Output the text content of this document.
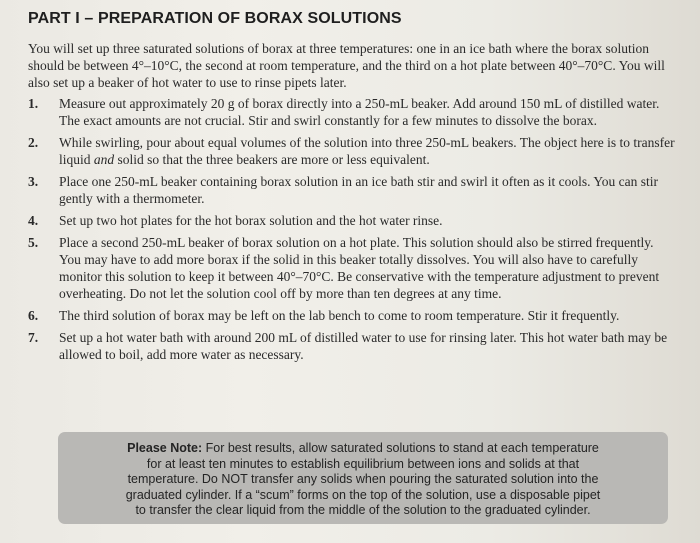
PART I – PREPARATION OF BORAX SOLUTIONS
You will set up three saturated solutions of borax at three temperatures: one in an ice bath where the borax solution should be between 4°–10°C, the second at room temperature, and the third on a hot plate between 40°–70°C. You will also set up a beaker of hot water to use to rinse pipets later.
1. Measure out approximately 20 g of borax directly into a 250-mL beaker. Add around 150 mL of distilled water. The exact amounts are not crucial. Stir and swirl constantly for a few minutes to dissolve the borax.
2. While swirling, pour about equal volumes of the solution into three 250-mL beakers. The object here is to transfer liquid and solid so that the three beakers are more or less equivalent.
3. Place one 250-mL beaker containing borax solution in an ice bath stir and swirl it often as it cools. You can stir gently with a thermometer.
4. Set up two hot plates for the hot borax solution and the hot water rinse.
5. Place a second 250-mL beaker of borax solution on a hot plate. This solution should also be stirred frequently. You may have to add more borax if the solid in this beaker totally dissolves. You will also have to carefully monitor this solution to keep it between 40°–70°C. Be conservative with the temperature adjustment to prevent overheating. Do not let the solution cool off by more than ten degrees at any time.
6. The third solution of borax may be left on the lab bench to come to room temperature. Stir it frequently.
7. Set up a hot water bath with around 200 mL of distilled water to use for rinsing later. This hot water bath may be allowed to boil, add more water as necessary.
Please Note: For best results, allow saturated solutions to stand at each temperature
for at least ten minutes to establish equilibrium between ions and solids at that
temperature. Do NOT transfer any solids when pouring the saturated solution into the
graduated cylinder. If a “scum” forms on the top of the solution, use a disposable pipet
to transfer the clear liquid from the middle of the solution to the graduated cylinder.
